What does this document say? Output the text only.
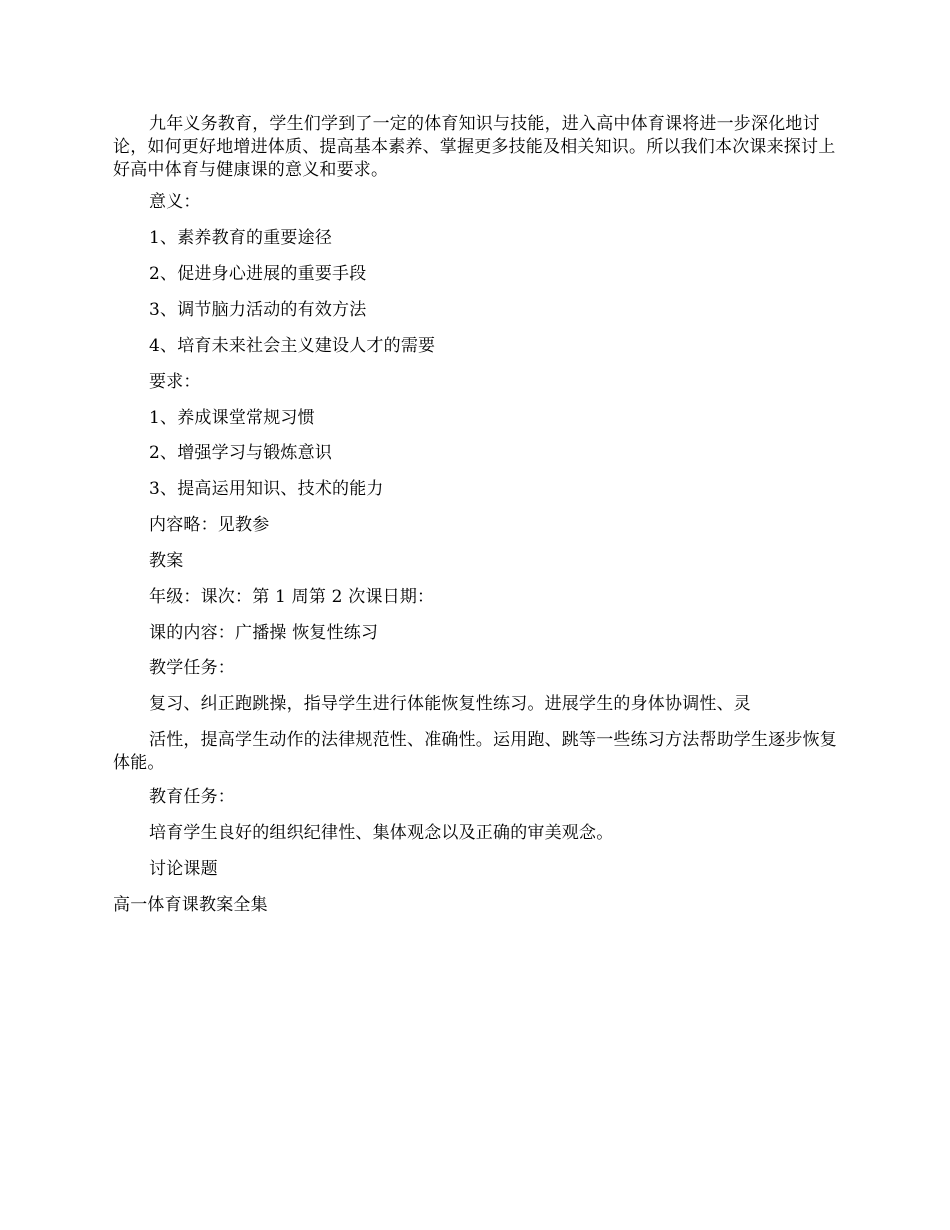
九年义务教育，学生们学到了一定的体育知识与技能，进入高中体育课将进一步深化地讨论，如何更好地增进体质、提高基本素养、掌握更多技能及相关知识。所以我们本次课来探讨上好高中体育与健康课的意义和要求。
意义：
1、素养教育的重要途径
2、促进身心进展的重要手段
3、调节脑力活动的有效方法
4、培育未来社会主义建设人才的需要
要求：
1、养成课堂常规习惯
2、增强学习与锻炼意识
3、提高运用知识、技术的能力
内容略：见教参
教案
年级：课次：第 1 周第 2 次课日期：
课的内容：广播操 恢复性练习
教学任务：
复习、纠正跑跳操，指导学生进行体能恢复性练习。进展学生的身体协调性、灵
活性，提高学生动作的法律规范性、准确性。运用跑、跳等一些练习方法帮助学生逐步恢复体能。
教育任务：
培育学生良好的组织纪律性、集体观念以及正确的审美观念。
讨论课题
高一体育课教案全集
